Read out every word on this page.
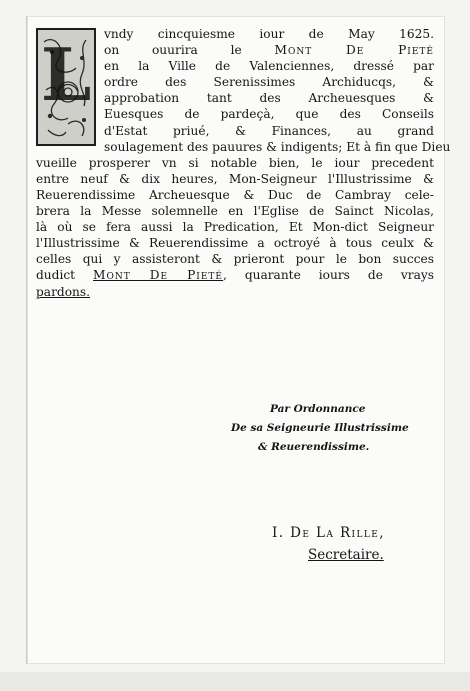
L	vndy cincquiesme iour de May 1625.
on ouurira le Mont De Pieté
en la Ville de Valenciennes, dressé par
ordre des Serenissimes Archiducqs, &
approbation tant des Archeuesques &
Euesques de pardeçà, que des Conseils
d'Estat priué, & Finances, au grand
soulagement des pauures & indigents; Et à fin que Dieu
vueille prosperer vn si notable bien, le iour precedent
entre neuf & dix heures, Mon-Seigneur l'Illustrissime &
Reuerendissime Archeuesque & Duc de Cambray cele-
brera la Messe solemnelle en l'Eglise de Sainct Nicolas,
là où se fera aussi la Predication, Et Mon-dict Seigneur
l'Illustrissime & Reuerendissime a octroyé à tous ceulx &
celles qui y assisteront & prieront pour le bon succes
dudict Mont De Pieté, quarante iours de vrays
pardons.
Par Ordonnance
De sa Seigneurie Illustrissime
& Reuerendissime.
I. De La Rille,
Secretaire.
